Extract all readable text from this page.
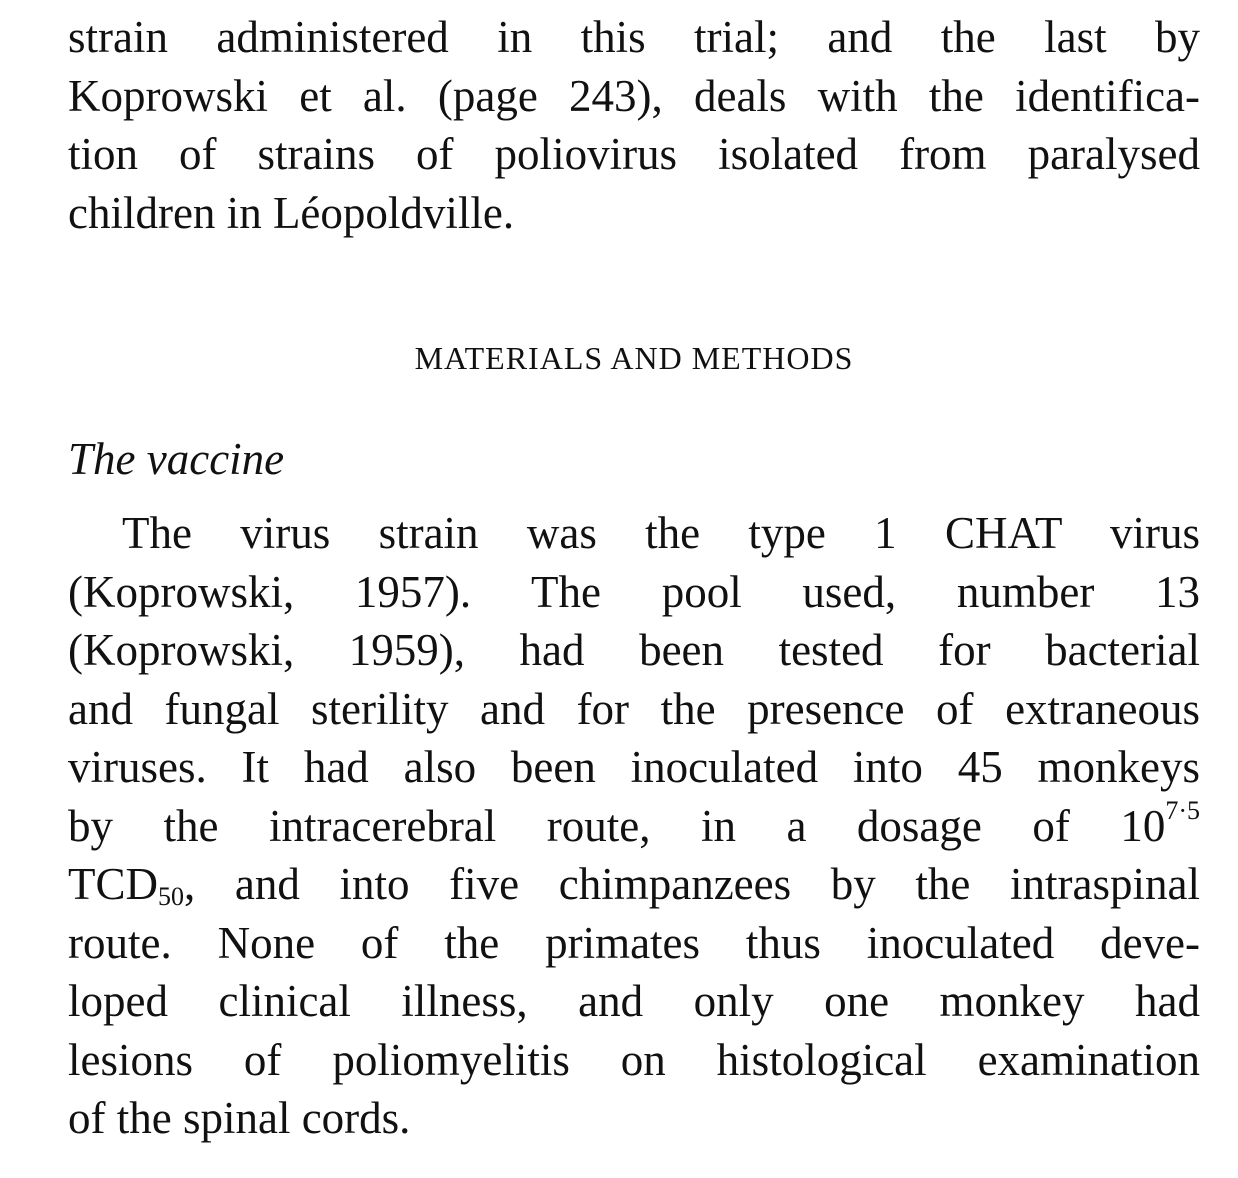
strain administered in this trial; and the last by
Koprowski et al. (page 243), deals with the identifica-
tion of strains of poliovirus isolated from paralysed
children in Léopoldville.
MATERIALS AND METHODS
The vaccine
The virus strain was the type 1 CHAT virus
(Koprowski, 1957). The pool used, number 13
(Koprowski, 1959), had been tested for bacterial
and fungal sterility and for the presence of extraneous
viruses. It had also been inoculated into 45 monkeys
by the intracerebral route, in a dosage of $10^{7\cdot 5}$
$TCD_{50}$, and into five chimpanzees by the intraspinal
route. None of the primates thus inoculated deve-
loped clinical illness, and only one monkey had
lesions of poliomyelitis on histological examination
of the spinal cords.
